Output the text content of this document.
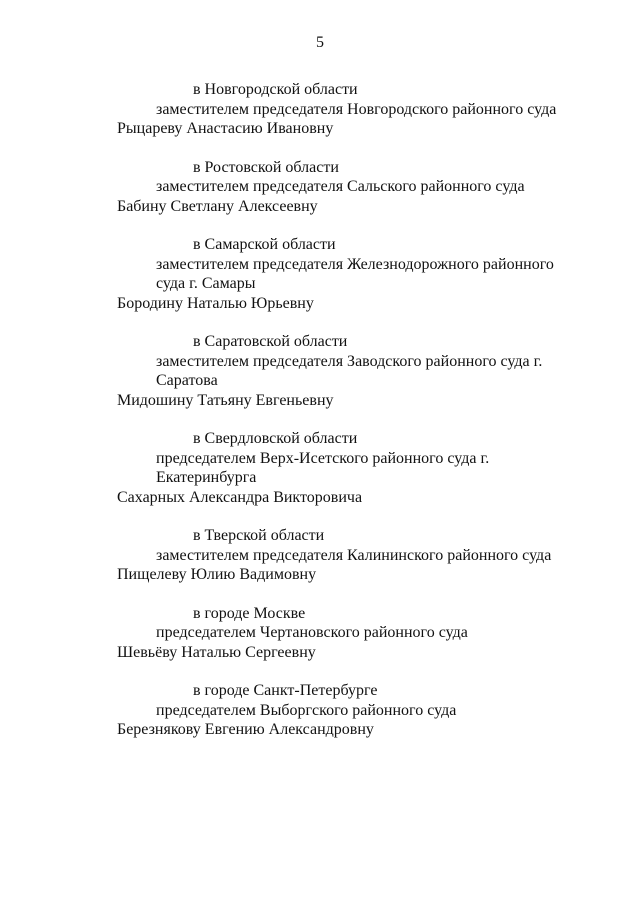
5
в Новгородской области
заместителем председателя Новгородского районного суда
Рыцареву Анастасию Ивановну
в Ростовской области
заместителем председателя Сальского районного суда
Бабину Светлану Алексеевну
в Самарской области
заместителем председателя Железнодорожного районного суда г. Самары
Бородину Наталью Юрьевну
в Саратовской области
заместителем председателя Заводского районного суда г. Саратова
Мидошину Татьяну Евгеньевну
в Свердловской области
председателем Верх-Исетского районного суда г. Екатеринбурга
Сахарных Александра Викторовича
в Тверской области
заместителем председателя Калининского районного суда
Пищелеву Юлию Вадимовну
в городе Москве
председателем Чертановского районного суда
Шевьёву Наталью Сергеевну
в городе Санкт-Петербурге
председателем Выборгского районного суда
Березнякову Евгению Александровну
